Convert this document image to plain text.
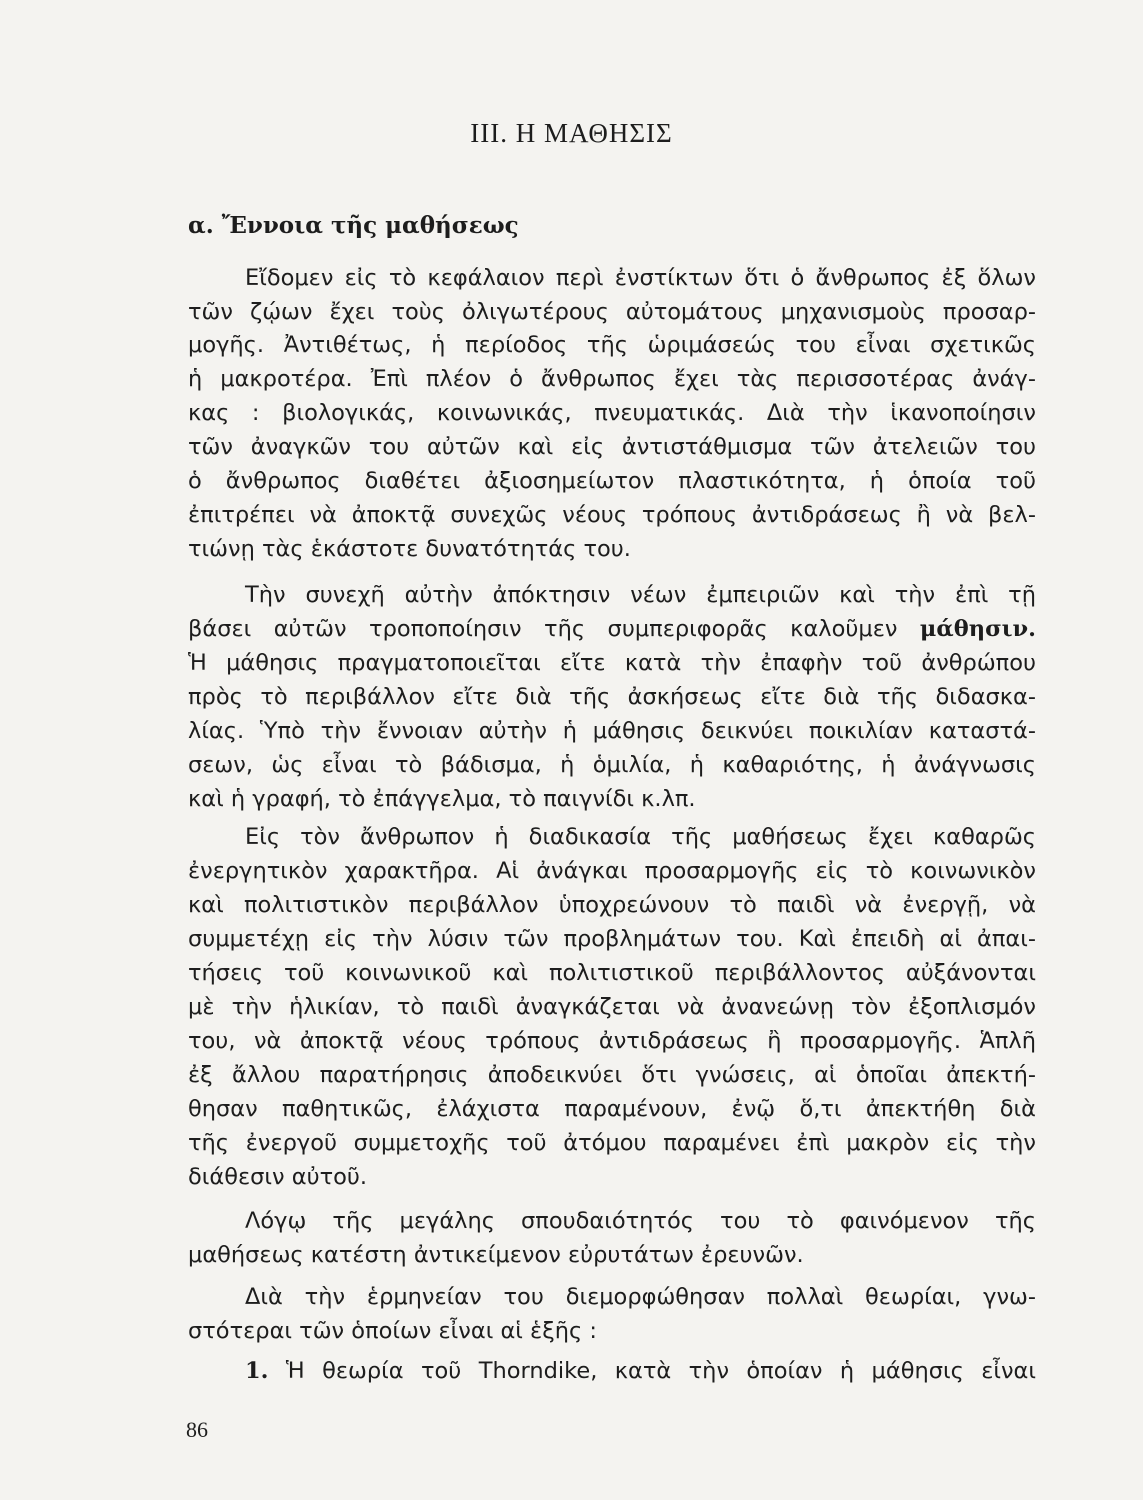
III. Η ΜΑΘΗΣΙΣ
α. Ἔννοια τῆς μαθήσεως
Εἴδομεν εἰς τὸ κεφάλαιον περὶ ἐνστίκτων ὅτι ὁ ἄνθρωπος ἐξ ὅλων
τῶν ζῴων ἔχει τοὺς ὀλιγωτέρους αὐτομάτους μηχανισμοὺς προσαρ-
μογῆς. Ἀντιθέτως, ἡ περίοδος τῆς ὡριμάσεώς του εἶναι σχετικῶς
ἡ μακροτέρα. Ἐπὶ πλέον ὁ ἄνθρωπος ἔχει τὰς περισσοτέρας ἀνάγ-
κας : βιολογικάς, κοινωνικάς, πνευματικάς. Διὰ τὴν ἱκανοποίησιν
τῶν ἀναγκῶν του αὐτῶν καὶ εἰς ἀντιστάθμισμα τῶν ἀτελειῶν του
ὁ ἄνθρωπος διαθέτει ἀξιοσημείωτον πλαστικότητα, ἡ ὁποία τοῦ
ἐπιτρέπει νὰ ἀποκτᾷ συνεχῶς νέους τρόπους ἀντιδράσεως ἢ νὰ βελ-
τιώνῃ τὰς ἑκάστοτε δυνατότητάς του.
Τὴν συνεχῆ αὐτὴν ἀπόκτησιν νέων ἐμπειριῶν καὶ τὴν ἐπὶ τῇ
βάσει αὐτῶν τροποποίησιν τῆς συμπεριφορᾶς καλοῦμεν μάθησιν.
Ἡ μάθησις πραγματοποιεῖται εἴτε κατὰ τὴν ἐπαφὴν τοῦ ἀνθρώπου
πρὸς τὸ περιβάλλον εἴτε διὰ τῆς ἀσκήσεως εἴτε διὰ τῆς διδασκα-
λίας. Ὑπὸ τὴν ἔννοιαν αὐτὴν ἡ μάθησις δεικνύει ποικιλίαν καταστά-
σεων, ὡς εἶναι τὸ βάδισμα, ἡ ὁμιλία, ἡ καθαριότης, ἡ ἀνάγνωσις
καὶ ἡ γραφή, τὸ ἐπάγγελμα, τὸ παιγνίδι κ.λπ.
Εἰς τὸν ἄνθρωπον ἡ διαδικασία τῆς μαθήσεως ἔχει καθαρῶς
ἐνεργητικὸν χαρακτῆρα. Αἱ ἀνάγκαι προσαρμογῆς εἰς τὸ κοινωνικὸν
καὶ πολιτιστικὸν περιβάλλον ὑποχρεώνουν τὸ παιδὶ νὰ ἐνεργῇ, νὰ
συμμετέχῃ εἰς τὴν λύσιν τῶν προβλημάτων του. Καὶ ἐπειδὴ αἱ ἀπαι-
τήσεις τοῦ κοινωνικοῦ καὶ πολιτιστικοῦ περιβάλλοντος αὐξάνονται
μὲ τὴν ἡλικίαν, τὸ παιδὶ ἀναγκάζεται νὰ ἀνανεώνῃ τὸν ἐξοπλισμόν
του, νὰ ἀποκτᾷ νέους τρόπους ἀντιδράσεως ἢ προσαρμογῆς. Ἁπλῆ
ἐξ ἄλλου παρατήρησις ἀποδεικνύει ὅτι γνώσεις, αἱ ὁποῖαι ἀπεκτή-
θησαν παθητικῶς, ἐλάχιστα παραμένουν, ἐνῷ ὅ,τι ἀπεκτήθη διὰ
τῆς ἐνεργοῦ συμμετοχῆς τοῦ ἀτόμου παραμένει ἐπὶ μακρὸν εἰς τὴν
διάθεσιν αὐτοῦ.
Λόγῳ τῆς μεγάλης σπουδαιότητός του τὸ φαινόμενον τῆς
μαθήσεως κατέστη ἀντικείμενον εὐρυτάτων ἐρευνῶν.
Διὰ τὴν ἑρμηνείαν του διεμορφώθησαν πολλαὶ θεωρίαι, γνω-
στότεραι τῶν ὁποίων εἶναι αἱ ἑξῆς :
1. Ἡ θεωρία τοῦ Thorndike, κατὰ τὴν ὁποίαν ἡ μάθησις εἶναι
86
